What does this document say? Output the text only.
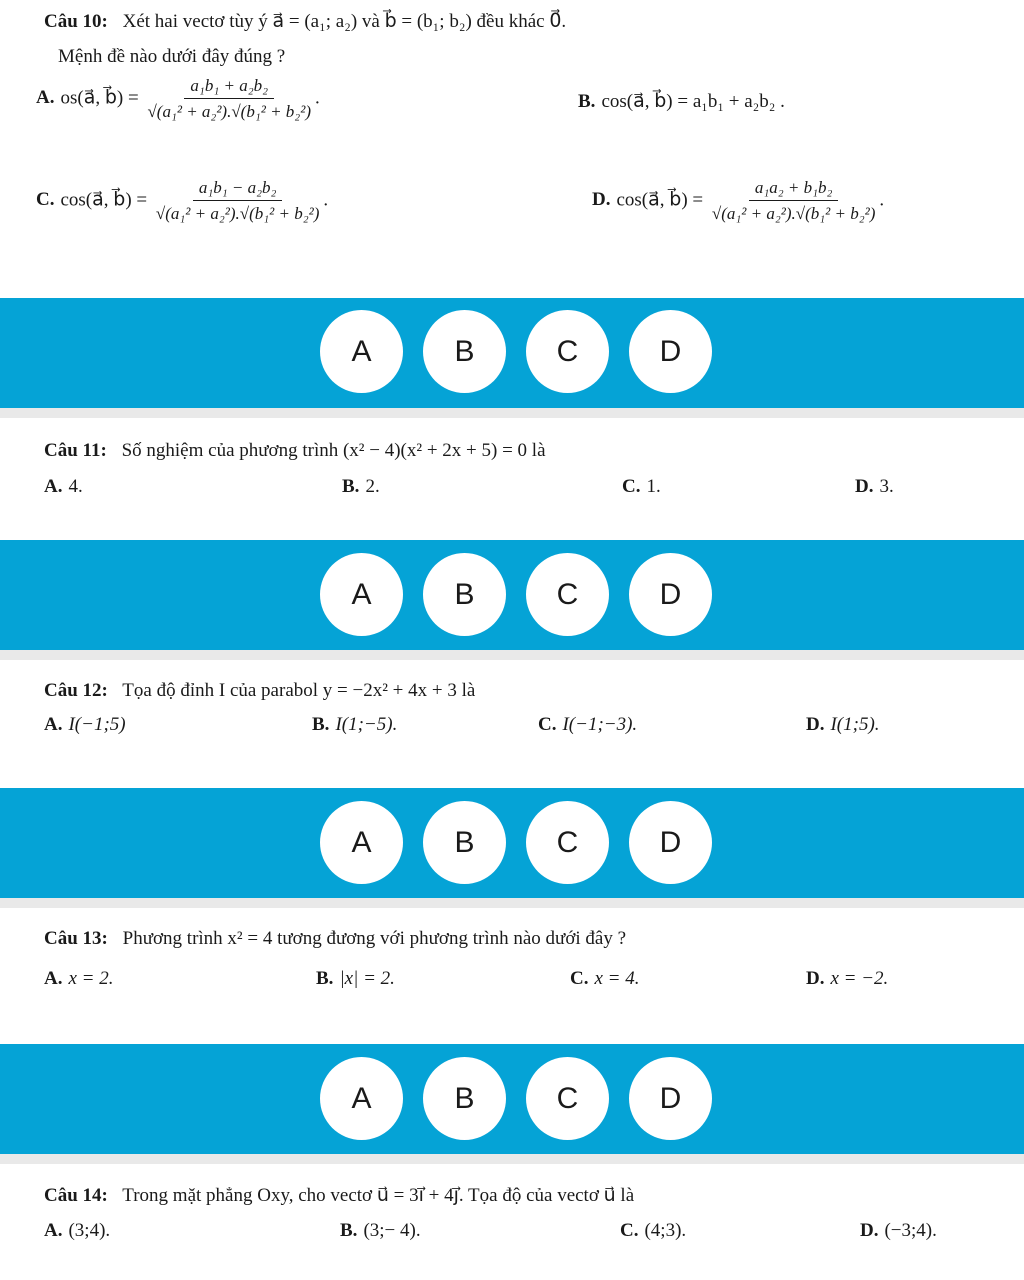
Câu 10: Xét hai vectơ tùy ý a⃗ = (a₁; a₂) và b⃗ = (b₁; b₂) đều khác 0⃗.
Mệnh đề nào dưới đây đúng ?
A. os(a⃗, b⃗) = $\frac{\text{a₁b₁ + a₂b₂}}{\text{√(a₁² + a₂²).√(b₁² + b₂²)}}$ .	B. cos(a⃗, b⃗) = a₁b₁ + a₂b₂ .
C. cos(a⃗, b⃗) = $\frac{\text{a₁b₁ − a₂b₂}}{\text{√(a₁² + a₂²).√(b₁² + b₂²)}}$ .	D. cos(a⃗, b⃗) = $\frac{\text{a₁a₂ + b₁b₂}}{\text{√(a₁² + a₂²).√(b₁² + b₂²)}}$ .
A	B	C	D
Câu 11: Số nghiệm của phương trình (x² − 4)(x² + 2x + 5) = 0 là
A. 4.	B. 2.	C. 1.	D. 3.
A	B	C	D
Câu 12: Tọa độ đỉnh I của parabol y = −2x² + 4x + 3 là
A. I(−1;5)	B. I(1;−5).	C. I(−1;−3).	D. I(1;5).
A	B	C	D
Câu 13: Phương trình x² = 4 tương đương với phương trình nào dưới đây ?
A. x = 2.	B. |x| = 2.	C. x = 4.	D. x = −2.
A	B	C	D
Câu 14: Trong mặt phẳng Oxy, cho vectơ u⃗ = 3i⃗ + 4j⃗. Tọa độ của vectơ u⃗ là
A. (3;4).	B. (3;− 4).	C. (4;3).	D. (−3;4).
